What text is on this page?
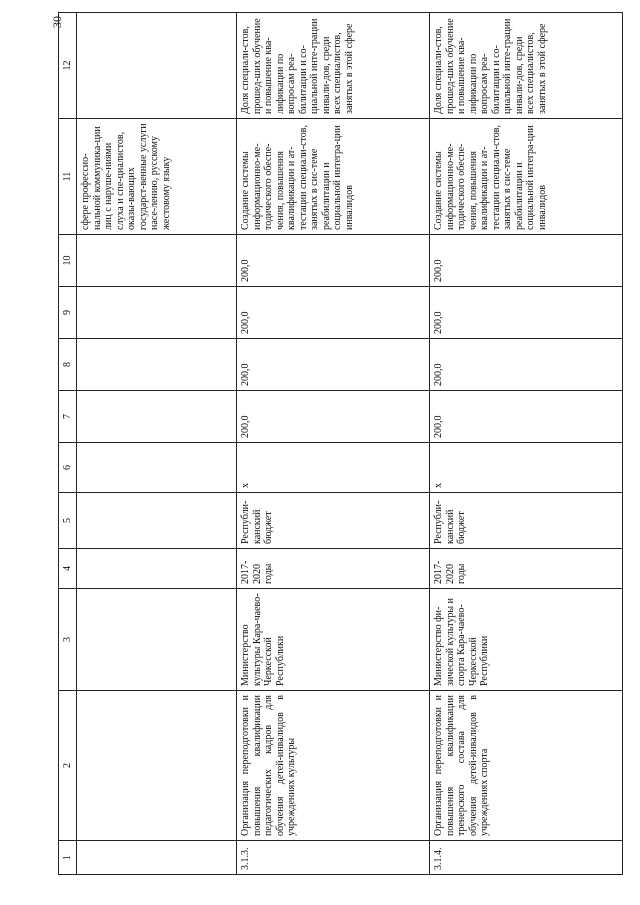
30
1	2	3	4	5	6	7	8	9	10	11	12
										сфере профессио-нальной коммуника-ции лиц с наруше-ниями слуха и спе-циалистов, оказы-вающих государст-венные услуги насе-лению, русскому жестовому языку	
3.1.3.	Организация переподготовки и повышения квалификации педагогических кадров для обучения детей-инвалидов в учреждениях культуры	Министерство культуры Кара-чаево-Черкесской Республики	2017-2020 годы	Республи-канский бюджет	x	200,0	200,0	200,0	200,0	Создание системы информационно-ме-тодического обеспе-чения, повышения квалификации и ат-тестации специали-стов, занятых в сис-теме реабилитации и социальной интегра-ции инвалидов	Доля специали-стов, прошед-ших обучение и повышение ква-лификации по вопросам реа-билитации и со-циальной инте-грации инвали-дов, среди всех специалистов, занятых в этой сфере
3.1.4.	Организация переподготовки и повышения квалификации тренерского состава для обучения детей-инвалидов в учреждениях спорта	Министерство фи-зической культуры и спорта Кара-чаево-Черкесской Республики	2017-2020 годы	Республи-канский бюджет	x	200,0	200,0	200,0	200,0	Создание системы информационно-ме-тодического обеспе-чения, повышения квалификации и ат-тестации специали-стов, занятых в сис-теме реабилитации и социальной интегра-ции инвалидов	Доля специали-стов, прошед-ших обучение и повышение ква-лификации по вопросам реа-билитации и со-циальной инте-грации инвали-дов, среди всех специалистов, занятых в этой сфере
